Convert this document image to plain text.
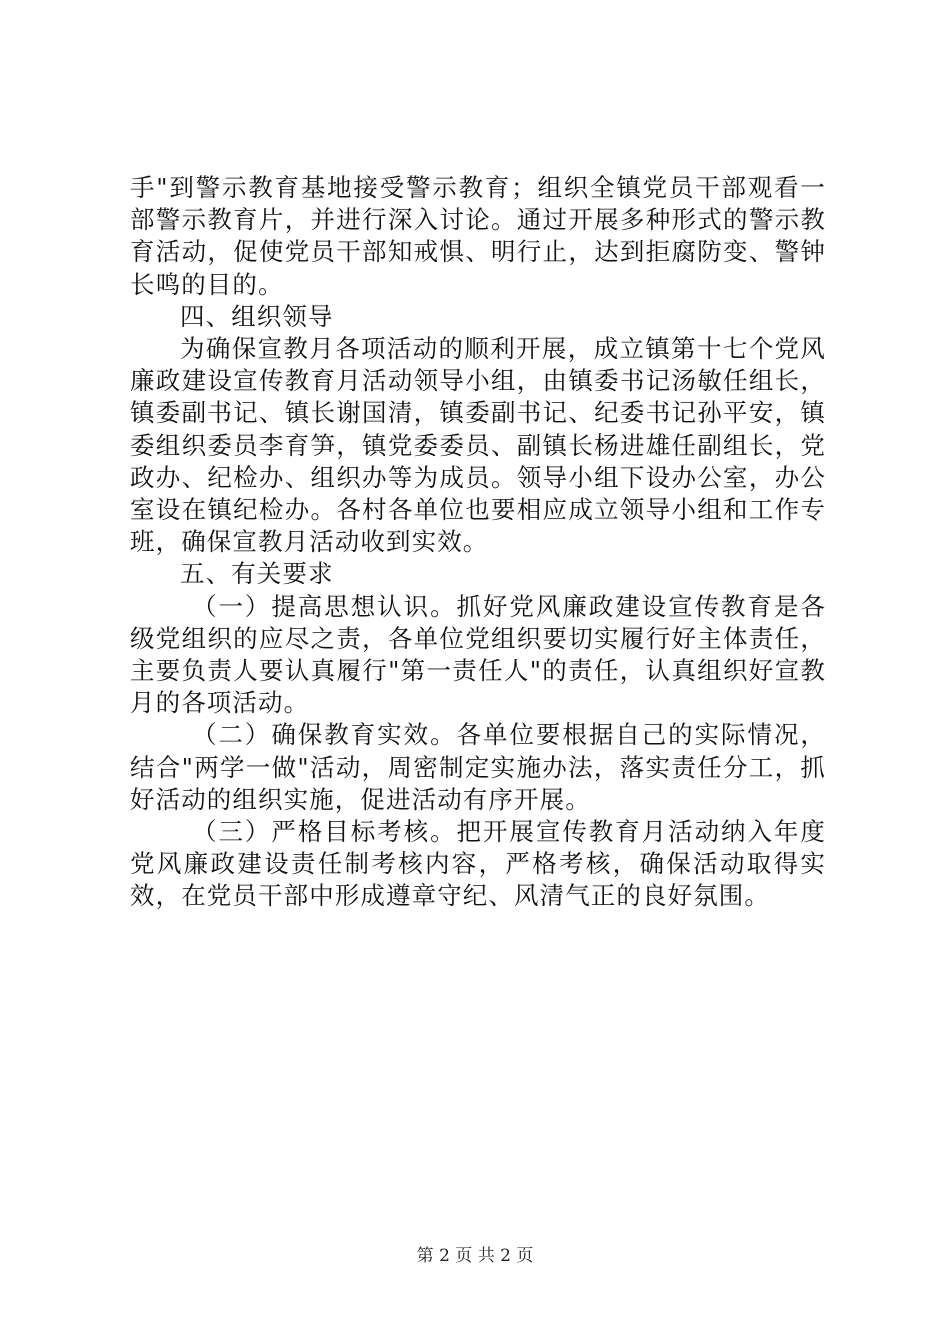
手"到警示教育基地接受警示教育；组织全镇党员干部观看一部警示教育片，并进行深入讨论。通过开展多种形式的警示教育活动，促使党员干部知戒惧、明行止，达到拒腐防变、警钟长鸣的目的。

四、组织领导

为确保宣教月各项活动的顺利开展，成立镇第十七个党风廉政建设宣传教育月活动领导小组，由镇委书记汤敏任组长，镇委副书记、镇长谢国清，镇委副书记、纪委书记孙平安，镇委组织委员李育笋，镇党委委员、副镇长杨进雄任副组长，党政办、纪检办、组织办等为成员。领导小组下设办公室，办公室设在镇纪检办。各村各单位也要相应成立领导小组和工作专班，确保宣教月活动收到实效。

五、有关要求

（一）提高思想认识。抓好党风廉政建设宣传教育是各级党组织的应尽之责，各单位党组织要切实履行好主体责任，主要负责人要认真履行"第一责任人"的责任，认真组织好宣教月的各项活动。

（二）确保教育实效。各单位要根据自己的实际情况，结合"两学一做"活动，周密制定实施办法，落实责任分工，抓好活动的组织实施，促进活动有序开展。

（三）严格目标考核。把开展宣传教育月活动纳入年度党风廉政建设责任制考核内容，严格考核，确保活动取得实效，在党员干部中形成遵章守纪、风清气正的良好氛围。

第 2 页 共 2 页
